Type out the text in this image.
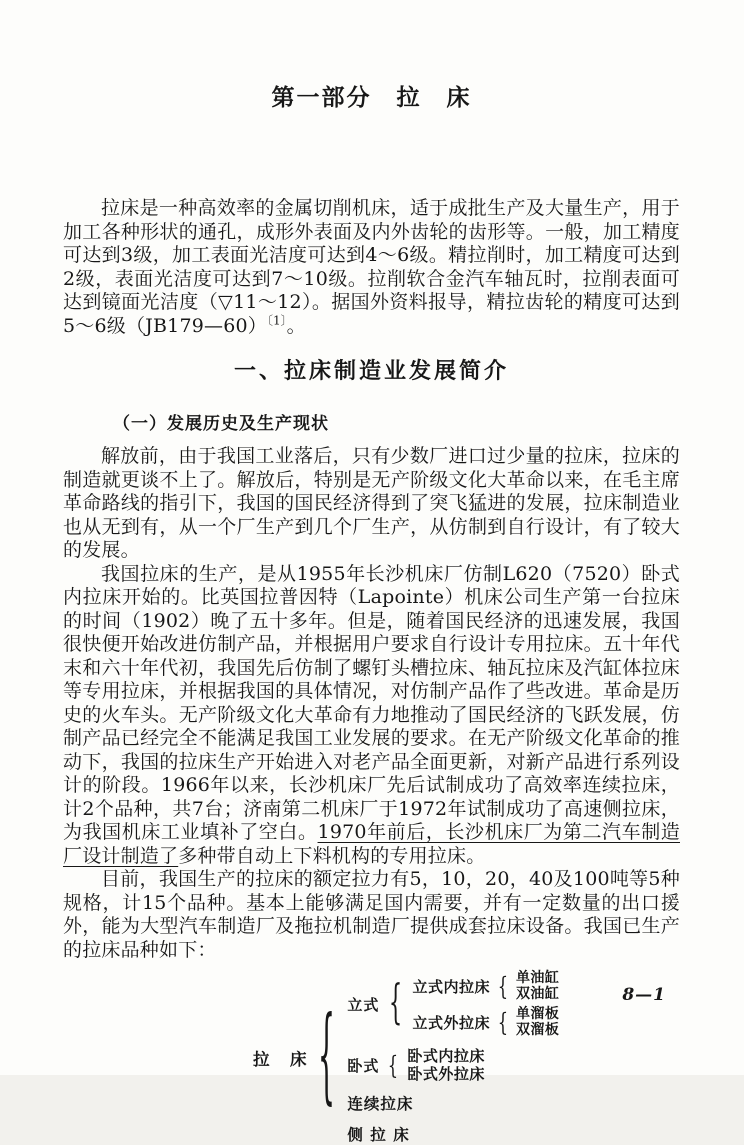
第一部分　拉　床

拉床是一种高效率的金属切削机床，适于成批生产及大量生产，用于加工各种形状的通孔，成形外表面及内外齿轮的齿形等。一般，加工精度可达到3级，加工表面光洁度可达到4～6级。精拉削时，加工精度可达到2级，表面光洁度可达到7～10级。拉削软合金汽车轴瓦时，拉削表面可达到镜面光洁度（▽11～12）。据国外资料报导，精拉齿轮的精度可达到5～6级（JB179—60）$^{〔1〕}$。

一、拉床制造业发展简介
（一）发展历史及生产现状

解放前，由于我国工业落后，只有少数厂进口过少量的拉床，拉床的制造就更谈不上了。解放后，特别是无产阶级文化大革命以来，在毛主席革命路线的指引下，我国的国民经济得到了突飞猛进的发展，拉床制造业也从无到有，从一个厂生产到几个厂生产，从仿制到自行设计，有了较大的发展。

我国拉床的生产，是从1955年长沙机床厂仿制L620（7520）卧式内拉床开始的。比英国拉普因特（Lapointe）机床公司生产第一台拉床的时间（1902）晚了五十多年。但是，随着国民经济的迅速发展，我国很快便开始改进仿制产品，并根据用户要求自行设计专用拉床。五十年代末和六十年代初，我国先后仿制了螺钉头槽拉床、轴瓦拉床及汽缸体拉床等专用拉床，并根据我国的具体情况，对仿制产品作了些改进。革命是历史的火车头。无产阶级文化大革命有力地推动了国民经济的飞跃发展，仿制产品已经完全不能满足我国工业发展的要求。在无产阶级文化革命的推动下，我国的拉床生产开始进入对老产品全面更新，对新产品进行系列设计的阶段。1966年以来，长沙机床厂先后试制成功了高效率连续拉床，计2个品种，共7台；济南第二机床厂于1972年试制成功了高速侧拉床，为我国机床工业填补了空白。1970年前后，长沙机床厂为第二汽车制造厂设计制造了多种带自动上下料机构的专用拉床。

目前，我国生产的拉床的额定拉力有5，10，20，40及100吨等5种规格，计15个品种。基本上能够满足国内需要，并有一定数量的出口援外，能为大型汽车制造厂及拖拉机制造厂提供成套拉床设备。我国已生产的拉床品种如下：

拉　床 { 立式 { 立式内拉床 { 单油缸
双油缸
立式外拉床 { 单溜板
双溜板
卧式 { 卧式内拉床
卧式外拉床
连续拉床
侧 拉 床
8—1
